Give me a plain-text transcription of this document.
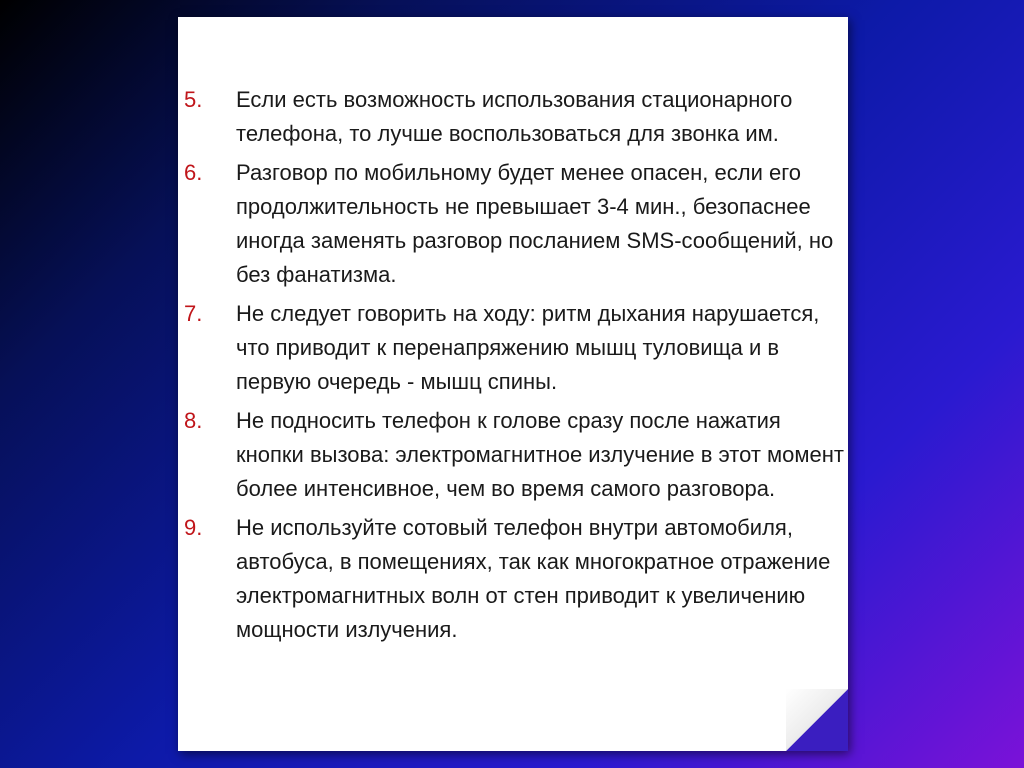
5.	Если есть возможность использования стационарного телефона, то лучше воспользоваться для звонка им.
6.	Разговор по мобильному будет менее опасен, если его продолжительность не превышает 3-4 мин., безопаснее иногда заменять разговор посланием SMS-сообщений, но без фанатизма.
7.	Не следует говорить на ходу: ритм дыхания нарушается, что приводит к перенапряжению мышц туловища и в первую очередь - мышц спины.
8.	Не подносить телефон к голове сразу после нажатия кнопки вызова: электромагнитное излучение в этот момент более интенсивное, чем во время самого разговора.
9.	Не используйте сотовый телефон внутри автомобиля, автобуса, в помещениях, так как многократное отражение электромагнитных волн от стен приводит к увеличению мощности излучения.
